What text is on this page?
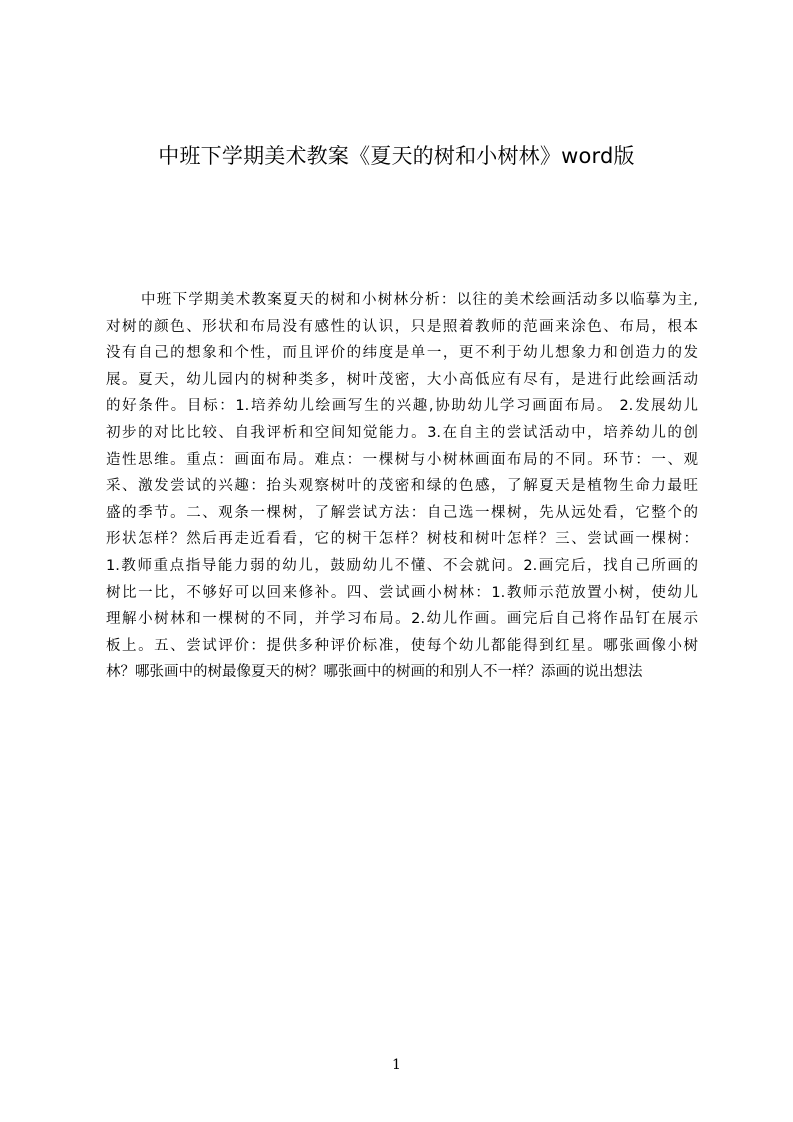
中班下学期美术教案《夏天的树和小树林》word版
中班下学期美术教案夏天的树和小树林分析：以往的美术绘画活动多以临摹为主,
对树的颜色、形状和布局没有感性的认识，只是照着教师的范画来涂色、布局，根本
没有自己的想象和个性，而且评价的纬度是单一，更不利于幼儿想象力和创造力的发
展。夏天，幼儿园内的树种类多，树叶茂密，大小高低应有尽有，是进行此绘画活动
的好条件。目标：1.培养幼儿绘画写生的兴趣,协助幼儿学习画面布局。 2.发展幼儿
初步的对比比较、自我评析和空间知觉能力。3.在自主的尝试活动中，培养幼儿的创
造性思维。重点：画面布局。难点：一棵树与小树林画面布局的不同。环节：一、观
采、激发尝试的兴趣：抬头观察树叶的茂密和绿的色感，了解夏天是植物生命力最旺
盛的季节。二、观条一棵树，了解尝试方法：自己选一棵树，先从远处看，它整个的
形状怎样？然后再走近看看，它的树干怎样？树枝和树叶怎样？三、尝试画一棵树：
1.教师重点指导能力弱的幼儿，鼓励幼儿不懂、不会就问。2.画完后，找自己所画的
树比一比，不够好可以回来修补。四、尝试画小树林：1.教师示范放置小树，使幼儿
理解小树林和一棵树的不同，并学习布局。2.幼儿作画。画完后自己将作品钉在展示
板上。五、尝试评价：提供多种评价标准，使每个幼儿都能得到红星。哪张画像小树
林？哪张画中的树最像夏天的树？哪张画中的树画的和别人不一样？添画的说出想法
1
